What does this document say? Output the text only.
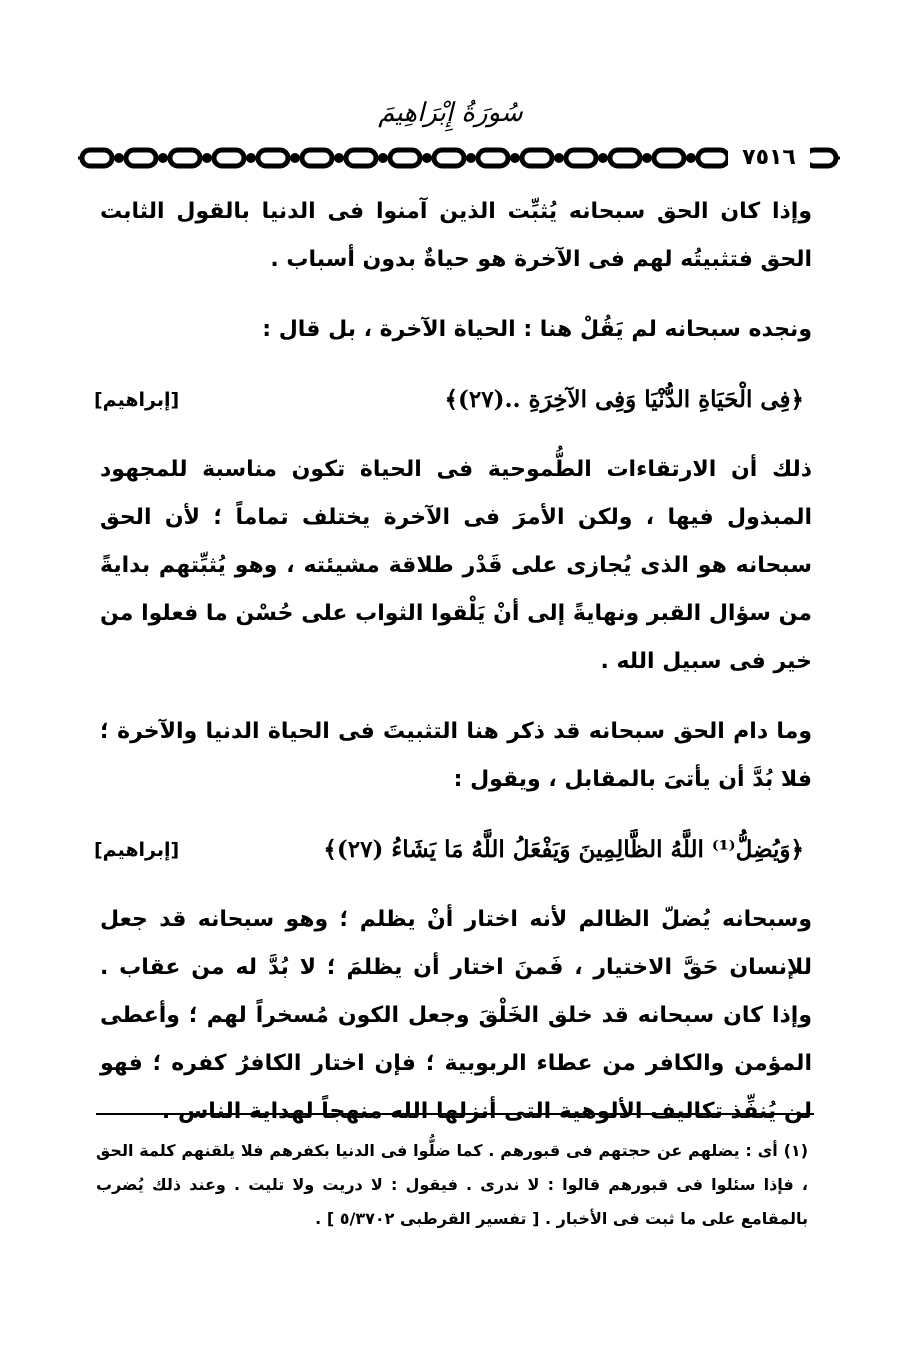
سُورَةُ إِبْرَاهِيمَ
٧٥١٦

وإذا كان الحق سبحانه يُثبِّت الذين آمنوا فى الدنيا بالقول الثابت الحق فتثبيتُه لهم فى الآخرة هو حياةٌ بدون أسباب .

ونجده سبحانه لم يَقُلْ هنا : الحياة الآخرة ، بل قال :

﴿فِى الْحَيَاةِ الدُّنْيَا وَفِى الآخِرَةِ ..(٢٧)﴾
[إبراهيم]

ذلك أن الارتقاءات الطُّموحية فى الحياة تكون مناسبة للمجهود المبذول فيها ، ولكن الأمرَ فى الآخرة يختلف تماماً ؛ لأن الحق سبحانه هو الذى يُجازى على قَدْر طلاقة مشيئته ، وهو يُثبِّتهم بدايةً من سؤال القبر ونهايةً إلى أنْ يَلْقوا الثواب على حُسْن ما فعلوا من خير فى سبيل الله .

وما دام الحق سبحانه قد ذكر هنا التثبيتَ فى الحياة الدنيا والآخرة ؛ فلا بُدَّ أن يأتىَ بالمقابل ، ويقول :

﴿وَيُضِلُّ⁽¹⁾ اللَّهُ الظَّالِمِينَ وَيَفْعَلُ اللَّهُ مَا يَشَاءُ (٢٧)﴾
[إبراهيم]

وسبحانه يُضلّ الظالم لأنه اختار أنْ يظلم ؛ وهو سبحانه قد جعل للإنسان حَقَّ الاختيار ، فَمنَ اختار أن يظلمَ ؛ لا بُدَّ له من عقاب . وإذا كان سبحانه قد خلق الخَلْقَ وجعل الكون مُسخراً لهم ؛ وأعطى المؤمن والكافر من عطاء الربوبية ؛ فإن اختار الكافرُ كفره ؛ فهو لن يُنفِّذ تكاليف الألوهية التى أنزلها الله منهجاً لهداية الناس .

(١) أى : يضلهم عن حجتهم فى قبورهم . كما ضلُّوا فى الدنيا بكفرهم فلا يلقنهم كلمة الحق ، فإذا سئلوا فى قبورهم قالوا : لا ندرى . فيقول : لا دريت ولا تليت . وعند ذلك يُضرب بالمقامع على ما ثبت فى الأخبار . [ تفسير القرطبى ٥/٣٧٠٢ ] .
